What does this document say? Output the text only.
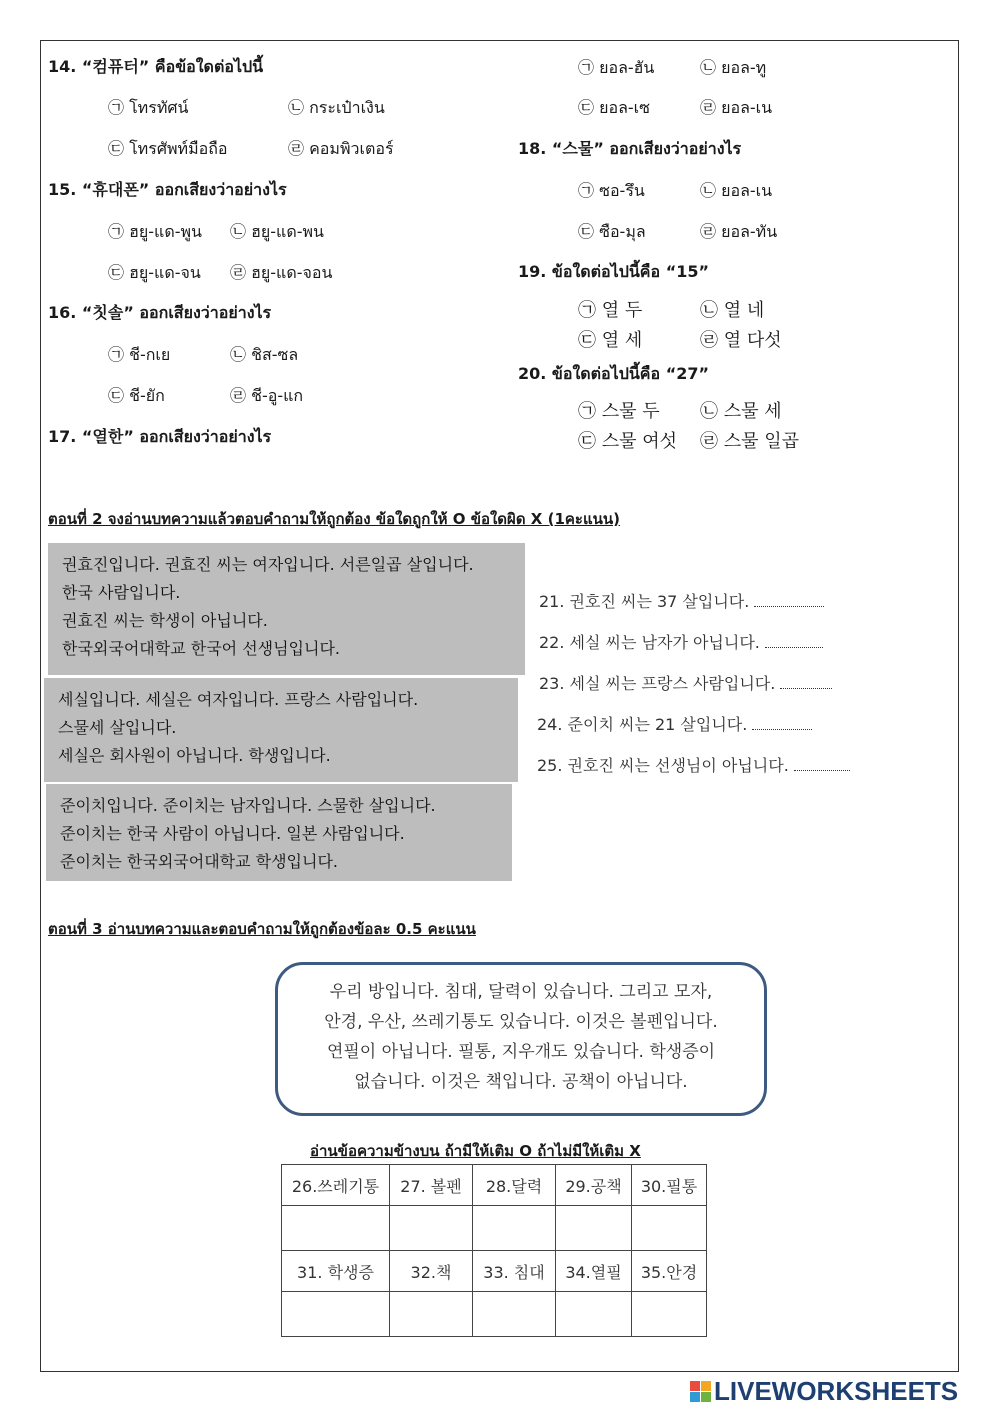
14. “컴퓨터” คือข้อใดต่อไปนี้
㉠ โทรทัศน์	㉡ กระเป๋าเงิน
㉢ โทรศัพท์มือถือ	㉣ คอมพิวเตอร์
15. “휴대폰” ออกเสียงว่าอย่างไร
㉠ ฮยู-แด-พูน ㉡ ฮยู-แด-พน
㉢ ฮยู-แด-จน ㉣ ฮยู-แด-จอน
16. “칫솔” ออกเสียงว่าอย่างไร
㉠ ชี-กเย	㉡ ชิส-ซล
㉢ ชี-ยัก	㉣ ชี-อู-แก
17. “열한” ออกเสียงว่าอย่างไร
㉠ ยอล-ฮัน	㉡ ยอล-ทู
㉢ ยอล-เซ	㉣ ยอล-เน
18. “스물” ออกเสียงว่าอย่างไร
㉠ ซอ-รึน	㉡ ยอล-เน
㉢ ซือ-มุล	㉣ ยอล-ทัน
19. ข้อใดต่อไปนี้คือ “15”
㉠ 열 두	㉡ 열 네
㉢ 열 세	㉣ 열 다섯
20. ข้อใดต่อไปนี้คือ “27”
㉠ 스물 두 ㉡ 스물 세
㉢ 스물 여섯 ㉣ 스물 일곱
ตอนที่ 2 จงอ่านบทความแล้วตอบคำถามให้ถูกต้อง ข้อใดถูกให้ O ข้อใดผิด X (1คะแนน)
권효진입니다. 권효진 씨는 여자입니다. 서른일곱 살입니다.
한국 사람입니다.
권효진 씨는 학생이 아닙니다.
한국외국어대학교 한국어 선생님입니다.
세실입니다. 세실은 여자입니다. 프랑스 사람입니다.
스물세 살입니다.
세실은 회사원이 아닙니다. 학생입니다.
준이치입니다. 준이치는 남자입니다. 스물한 살입니다.
준이치는 한국 사람이 아닙니다. 일본 사람입니다.
준이치는 한국외국어대학교 학생입니다.
21. 권호진 씨는 37 살입니다.
22. 세실 씨는 남자가 아닙니다.
23. 세실 씨는 프랑스 사람입니다.
24. 준이치 씨는 21 살입니다.
25. 권호진 씨는 선생님이 아닙니다.
ตอนที่ 3 อ่านบทความและตอบคำถามให้ถูกต้องข้อละ 0.5 คะแนน
우리 방입니다. 침대, 달력이 있습니다. 그리고 모자,
안경, 우산, 쓰레기통도 있습니다. 이것은 볼펜입니다.
연필이 아닙니다. 필통, 지우개도 있습니다. 학생증이
없습니다. 이것은 책입니다. 공책이 아닙니다.
อ่านข้อความข้างบน ถ้ามีให้เติม O ถ้าไม่มีให้เติม X
26.쓰레기통	27. 볼펜	28.달력	29.공책	30.필통

31. 학생증	32.책	33. 침대	34.열필	35.안경

LIVEWORKSHEETS
